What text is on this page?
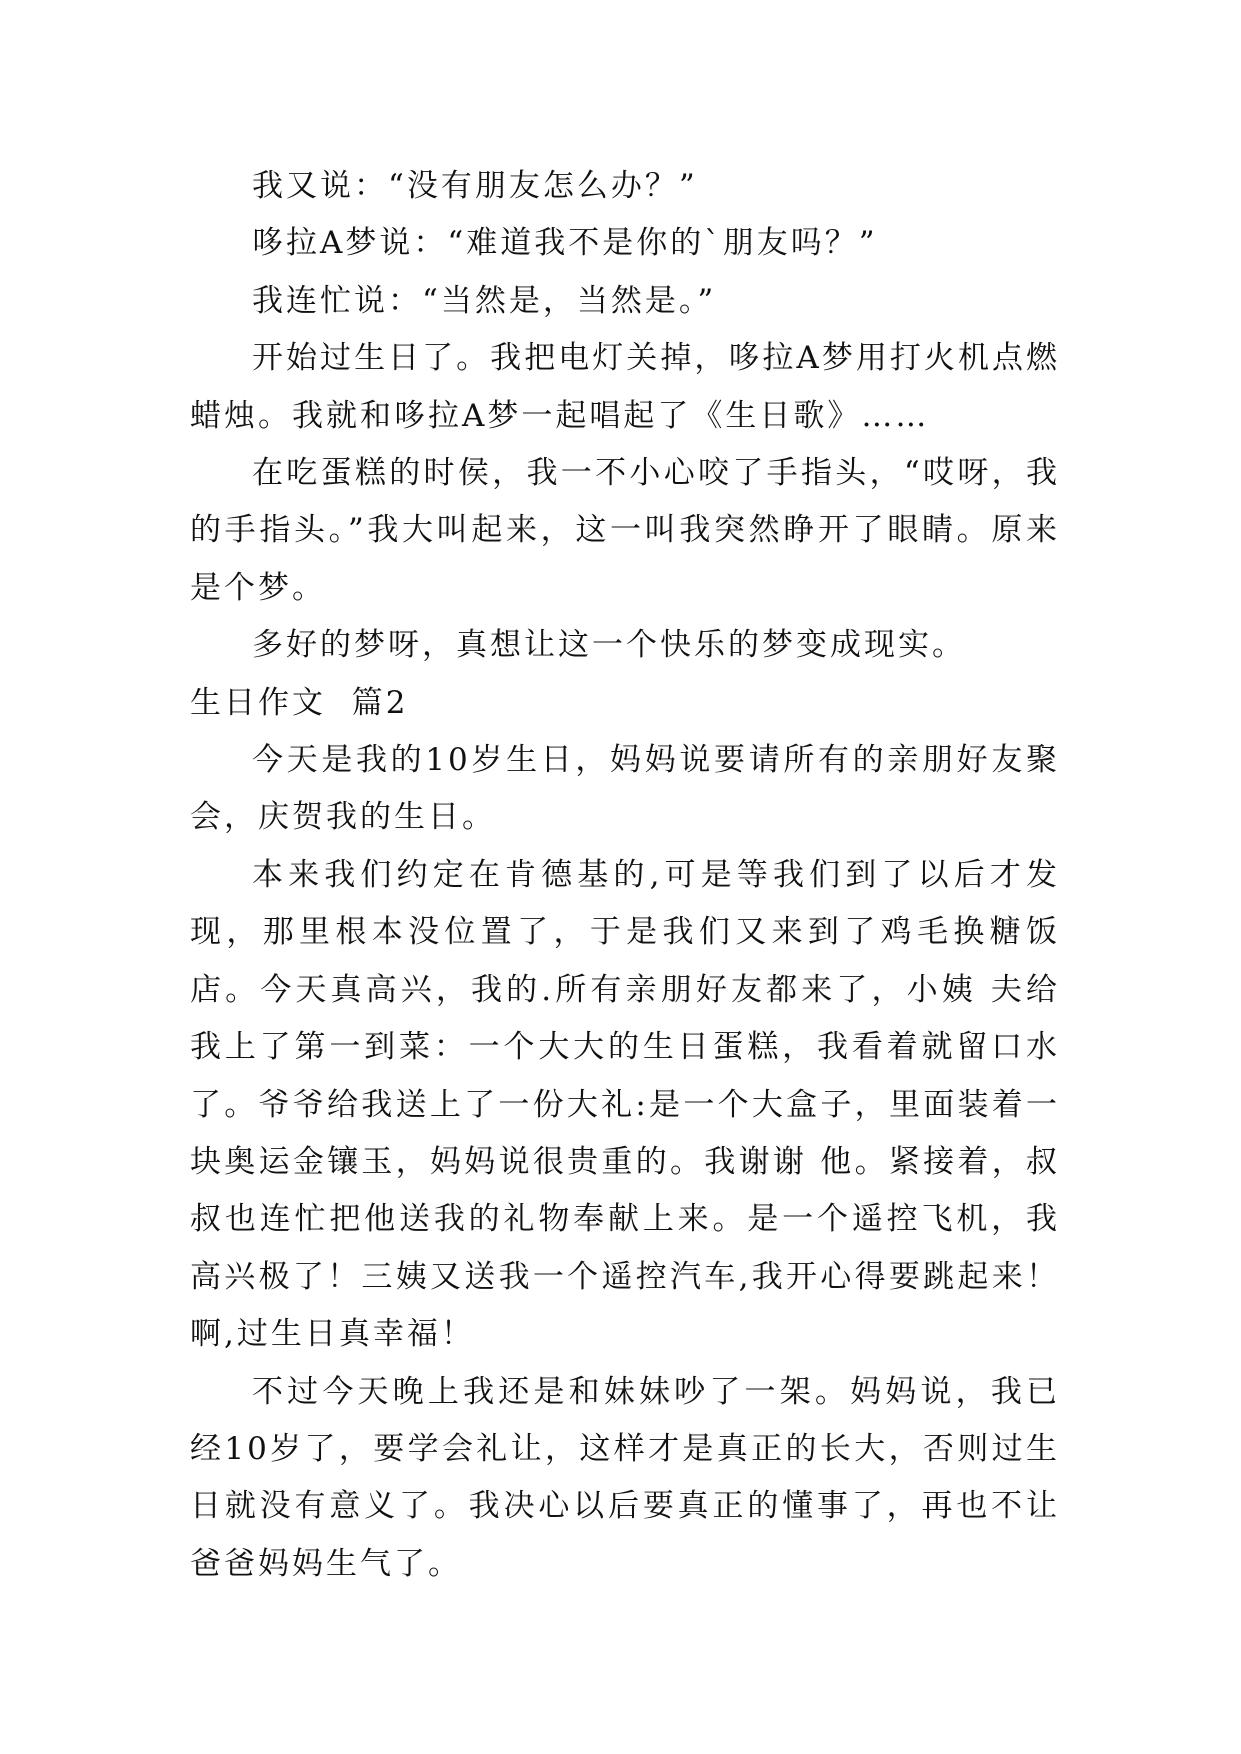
我又说：“没有朋友怎么办？”

哆拉A梦说：“难道我不是你的`朋友吗？”

我连忙说：“当然是，当然是。”

开始过生日了。我把电灯关掉，哆拉A梦用打火机点燃蜡烛。我就和哆拉A梦一起唱起了《生日歌》……

在吃蛋糕的时侯，我一不小心咬了手指头，“哎呀，我的手指头。”我大叫起来，这一叫我突然睁开了眼睛。原来是个梦。

多好的梦呀，真想让这一个快乐的梦变成现实。

生日作文  篇2

今天是我的10岁生日，妈妈说要请所有的亲朋好友聚会，庆贺我的生日。

本来我们约定在肯德基的,可是等我们到了以后才发现，那里根本没位置了，于是我们又来到了鸡毛换糖饭店。今天真高兴，我的.所有亲朋好友都来了，小姨 夫给我上了第一到菜：一个大大的生日蛋糕，我看着就留口水了。爷爷给我送上了一份大礼:是一个大盒子，里面装着一块奥运金镶玉，妈妈说很贵重的。我谢谢 他。紧接着，叔叔也连忙把他送我的礼物奉献上来。是一个遥控飞机，我高兴极了！三姨又送我一个遥控汽车,我开心得要跳起来！啊,过生日真幸福！

不过今天晚上我还是和妹妹吵了一架。妈妈说，我已经10岁了，要学会礼让，这样才是真正的长大，否则过生日就没有意义了。我决心以后要真正的懂事了，再也不让爸爸妈妈生气了。
